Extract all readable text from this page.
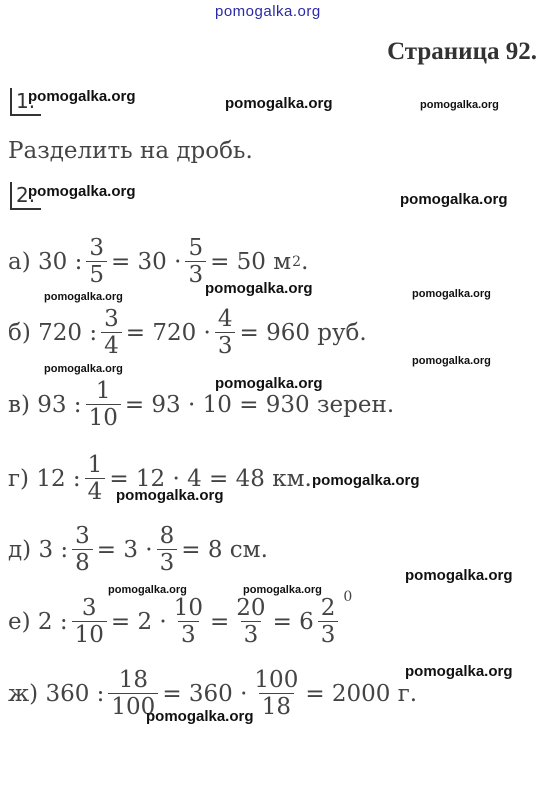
pomogalka.org
Страница 92.
1.
Разделить на дробь.
2.
а) 30 : $\frac{3}{5} = 30 \cdot \frac{5}{3} = 50$ м 2 .
б) 720 : $\frac{3}{4} = 720 \cdot \frac{4}{3} = 960$ руб.
в) 93 : $\frac{1}{10} = 93 \cdot 10 = 930$ зерен.
г) 12 : $\frac{1}{4} = 12 \cdot 4 = 48$ км.
д) 3 : $\frac{3}{8} = 3 \cdot \frac{8}{3} = 8$ см.
е) 2 : $\frac{3}{10} = 2 \cdot \frac{10}{3} = \frac{20}{3} = 6 \frac{2}{3} ^0$
ж) 360 : $\frac{18}{100} = 360 \cdot \frac{100}{18} = 2000$ г.
pomogalka.org	pomogalka.org	pomogalka.org
pomogalka.org	pomogalka.org
pomogalka.org	pomogalka.org	pomogalka.org
pomogalka.org
pomogalka.org
pomogalka.org
pomogalka.org
pomogalka.org
pomogalka.org
pomogalka.org	pomogalka.org
pomogalka.org
pomogalka.org
